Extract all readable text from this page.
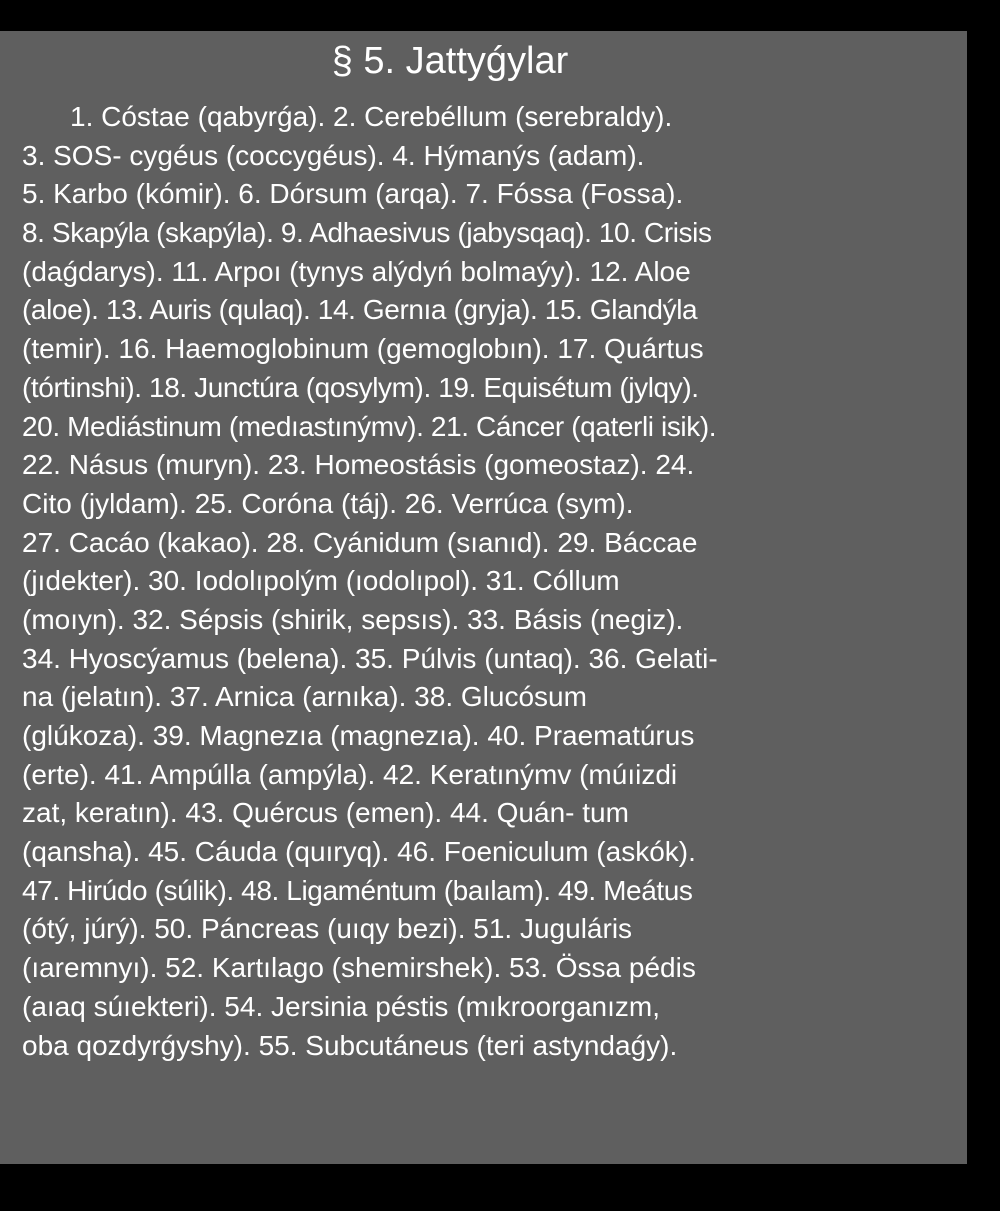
§ 5. Jattyǵylar
1. Cóstae (qabyrǵa). 2. Cerebéllum (serebraldy).
3. SOS- cygéus (coccygéus). 4. Hýmanýs (adam).
5. Karbo (kómir). 6. Dórsum (arqa). 7. Fóssa (Fossa).
8. Skapýla (skapýla). 9. Adhaesivus (jabysqaq). 10. Crisis
(daǵdarys). 11. Arpoı (tynys alýdyń bolmaýy). 12. Aloe
(aloe). 13. Auris (qulaq). 14. Gernıa (gryja). 15. Glandýla
(temir). 16. Haemoglobinum (gemoglobın). 17. Quártus
(tórtinshi). 18. Junctúra (qosylym). 19. Equisétum (jylqy).
20. Mediástinum (medıastınýmv). 21. Cáncer (qaterli isik).
22. Násus (muryn). 23. Homeostásis (gomeostaz). 24.
Cito (jyldam). 25. Coróna (táj). 26. Verrúca (sym).
27. Cacáo (kakao). 28. Cyánidum (sıanıd). 29. Báccae
(jıdekter). 30. Iodolıpolým (ıodolıpol). 31. Cóllum
(moıyn). 32. Sépsis (shirik, sepsıs). 33. Básis (negiz).
34. Hyoscýamus (belena). 35. Púlvis (untaq). 36. Gelati-
na (jelatın). 37. Arnica (arnıka). 38. Glucósum
(glúkoza). 39. Magnezıa (magnezıa). 40. Praematúrus
(erte). 41. Ampúlla (ampýla). 42. Keratınýmv (múıizdi
zat, keratın). 43. Quércus (emen). 44. Quán- tum
(qansha). 45. Cáuda (quıryq). 46. Foeniculum (askók).
47. Hirúdo (súlik). 48. Ligaméntum (baılam). 49. Meátus
(ótý, júrý). 50. Páncreas (uıqy bezi). 51. Juguláris
(ıaremnyı). 52. Kartılago (shemirshek). 53. Össa pédis
(aıaq súıekteri). 54. Jersinia péstis (mıkroorganızm,
oba qozdyrǵyshy). 55. Subcutáneus (teri astyndaǵy).
